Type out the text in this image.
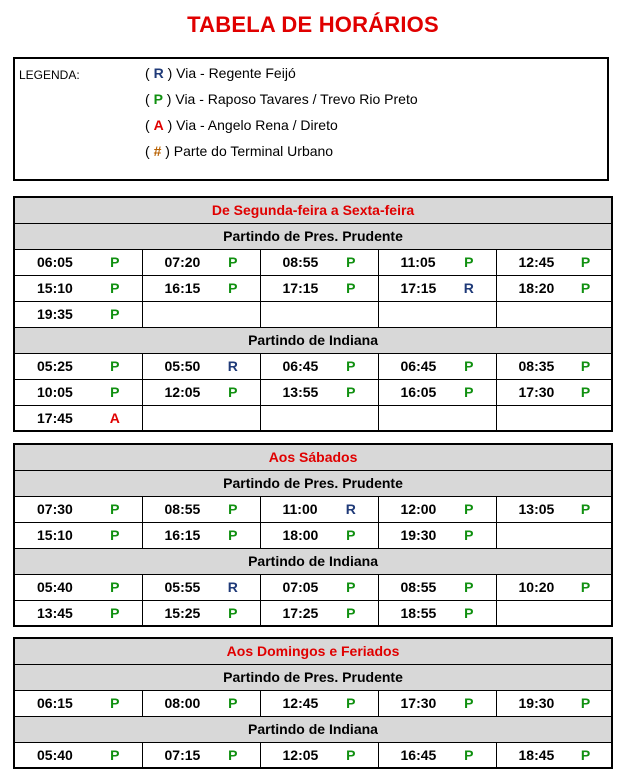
TABELA DE HORÁRIOS
LEGENDA:	( R ) Via - Regente Feijó
( P ) Via - Raposo Tavares / Trevo Rio Preto
( A ) Via - Angelo Rena / Direto
( # ) Parte do Terminal Urbano
De Segunda-feira a Sexta-feira									
Partindo de Pres. Prudente									
06:05	P	07:20	P	08:55	P	11:05	P	12:45	P
15:10	P	16:15	P	17:15	P	17:15	R	18:20	P
19:35	P								
Partindo de Indiana									
05:25	P	05:50	R	06:45	P	06:45	P	08:35	P
10:05	P	12:05	P	13:55	P	16:05	P	17:30	P
17:45	A								
Aos Sábados									
Partindo de Pres. Prudente									
07:30	P	08:55	P	11:00	R	12:00	P	13:05	P
15:10	P	16:15	P	18:00	P	19:30	P		
Partindo de Indiana									
05:40	P	05:55	R	07:05	P	08:55	P	10:20	P
13:45	P	15:25	P	17:25	P	18:55	P		
Aos Domingos e Feriados									
Partindo de Pres. Prudente									
06:15	P	08:00	P	12:45	P	17:30	P	19:30	P
Partindo de Indiana									
05:40	P	07:15	P	12:05	P	16:45	P	18:45	P
